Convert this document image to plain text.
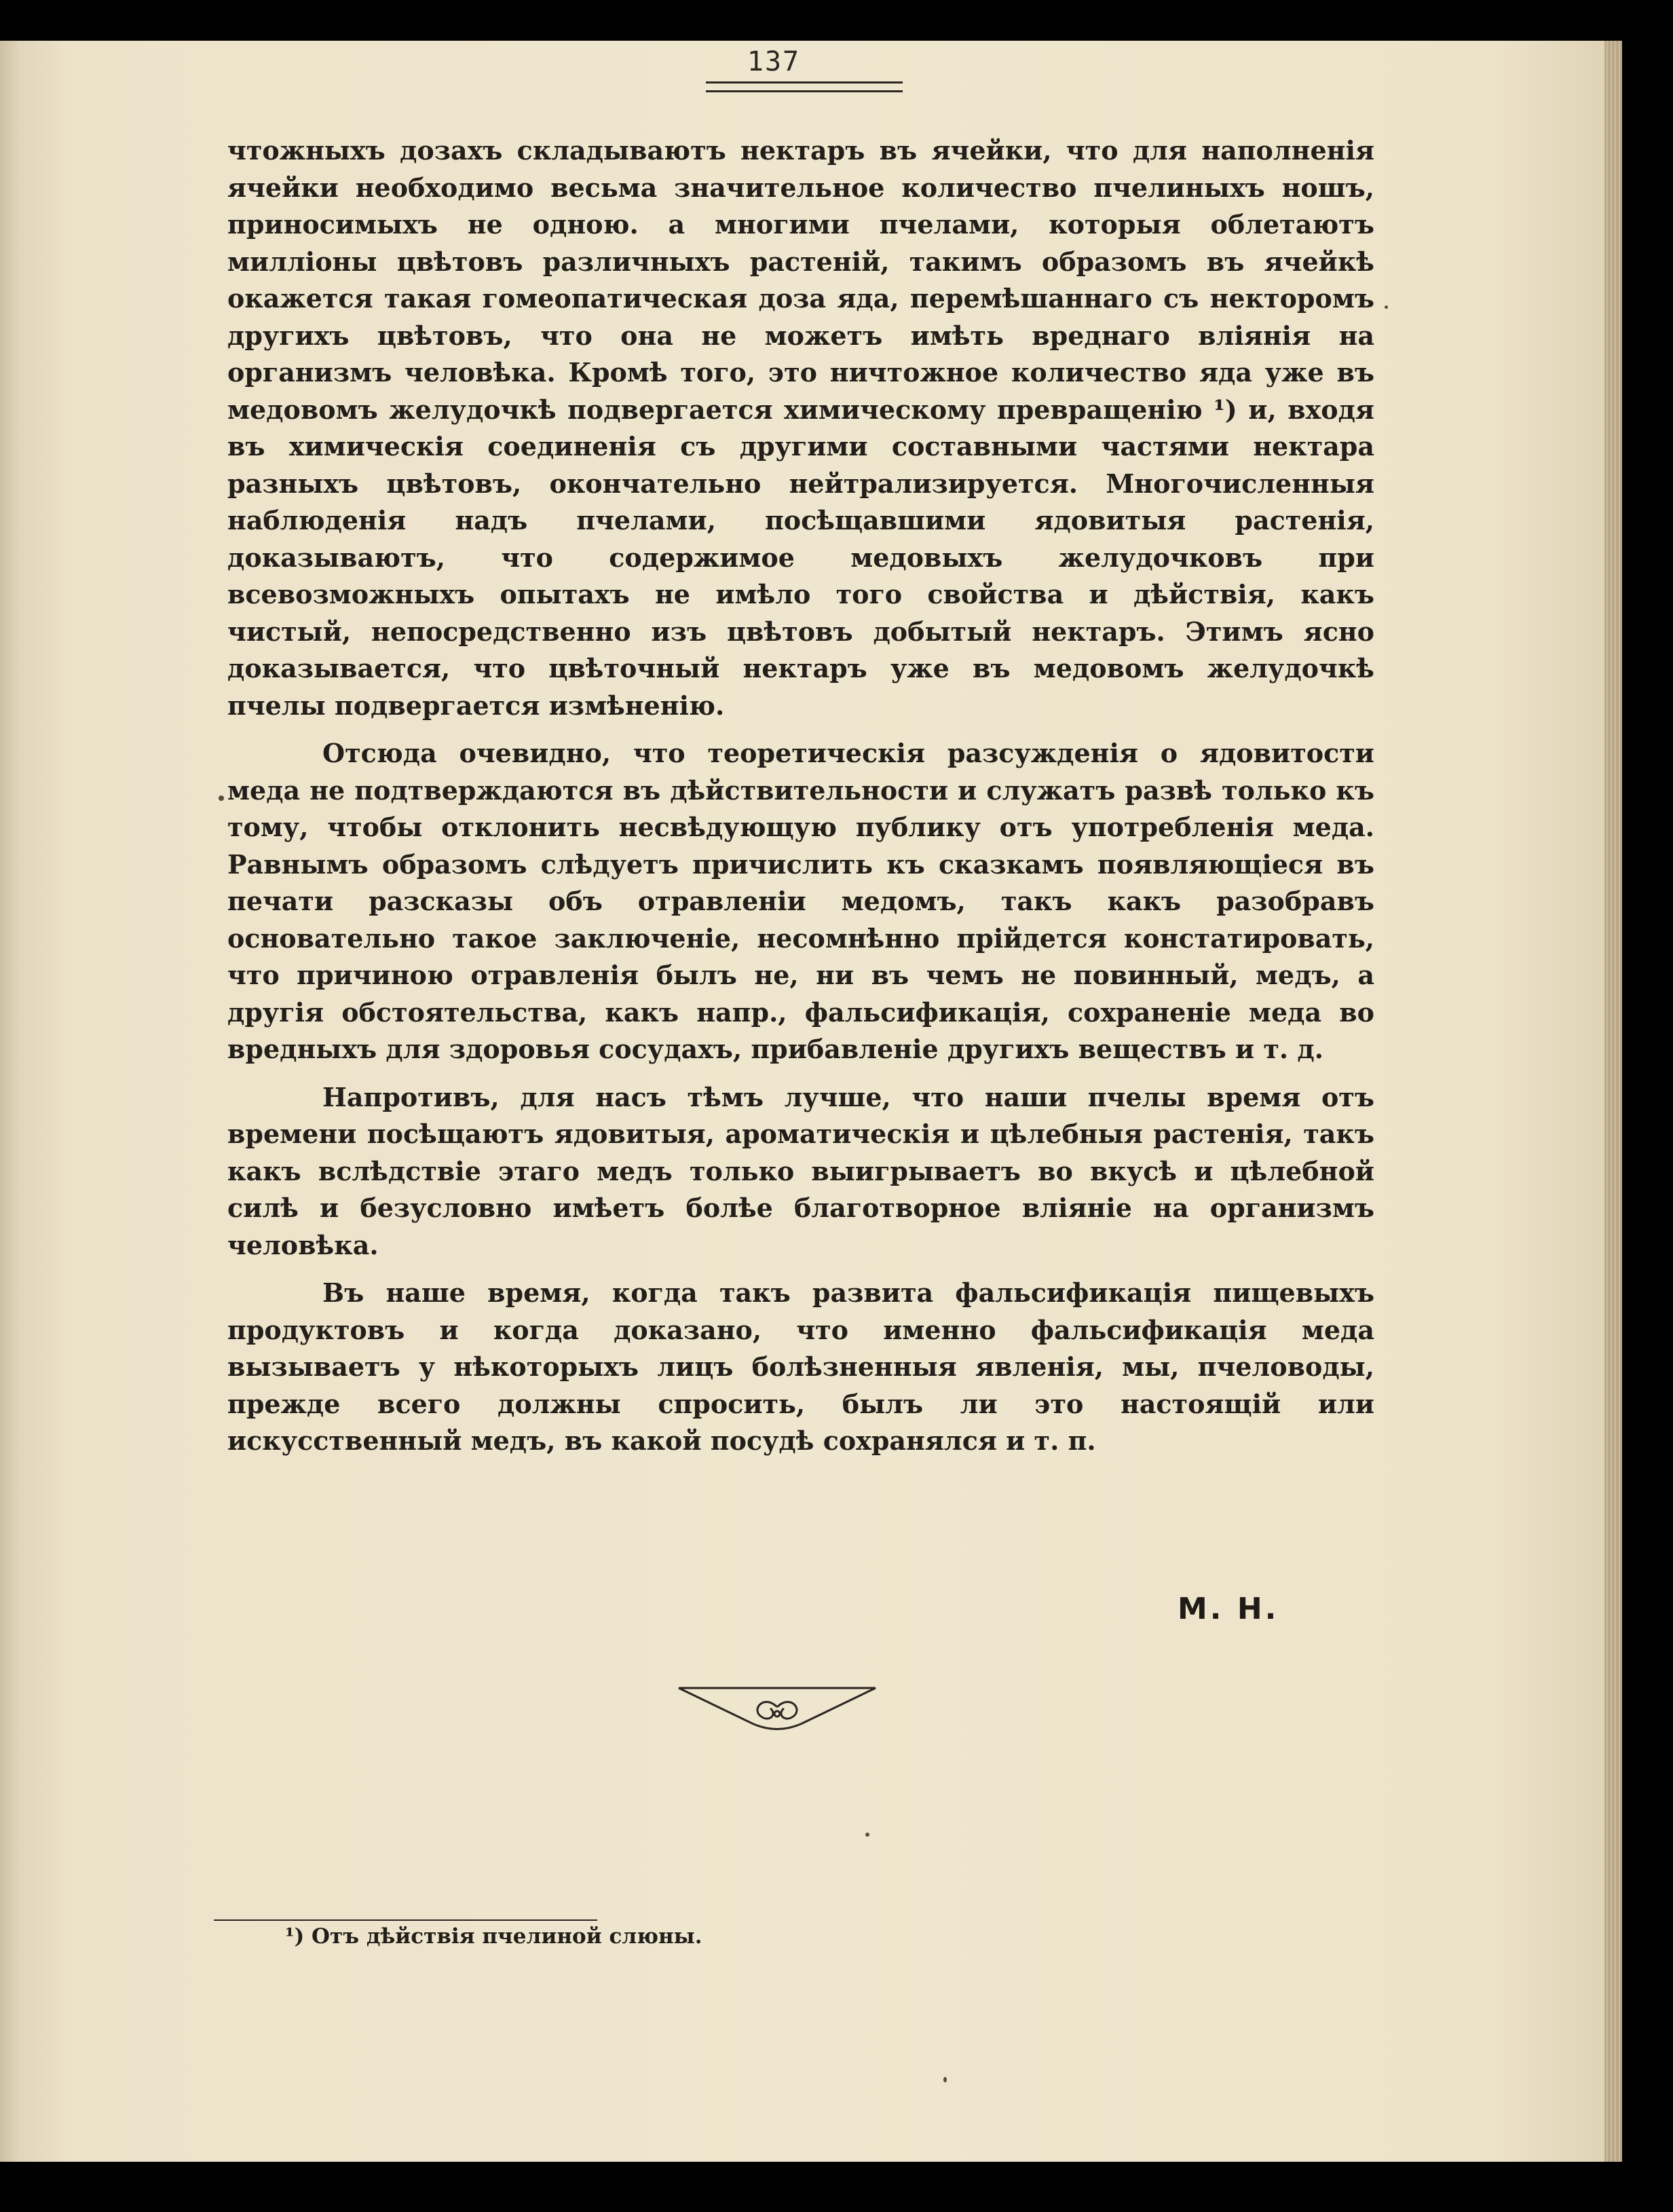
137

чтожныхъ дозахъ складываютъ нектаръ въ ячейки, что для наполненія ячейки необходимо весьма значительное количество пчелиныхъ ношъ, приносимыхъ не одною. а многими пчелами, которыя облетаютъ милліоны цвѣтовъ различныхъ растеній, такимъ образомъ въ ячейкѣ окажется такая гомеопатическая доза яда, перемѣшаннаго съ некторомъ другихъ цвѣтовъ, что она не можетъ имѣть вреднаго вліянія на организмъ человѣка. Кромѣ того, это ничтожное количество яда уже въ медовомъ желудочкѣ подвергается химическому превращенію ¹) и, входя въ химическія соединенія съ другими составными частями нектара разныхъ цвѣтовъ, окончательно нейтрализируется. Многочисленныя наблюденія надъ пчелами, посѣщавшими ядовитыя растенія, доказываютъ, что содержимое медовыхъ желудочковъ при всевозможныхъ опытахъ не имѣло того свойства и дѣйствія, какъ чистый, непосредственно изъ цвѣтовъ добытый нектаръ. Этимъ ясно доказывается, что цвѣточный нектаръ уже въ медовомъ желудочкѣ пчелы подвергается измѣненію.

Отсюда очевидно, что теоретическія разсужденія о ядовитости меда не подтверждаются въ дѣйствительности и служатъ развѣ только къ тому, чтобы отклонить несвѣдующую публику отъ употребленія меда. Равнымъ образомъ слѣдуетъ причислить къ сказкамъ появляющіеся въ печати разсказы объ отравленіи медомъ, такъ какъ разобравъ основательно такое заключеніе, несомнѣнно прійдется констатировать, что причиною отравленія былъ не, ни въ чемъ не повинный, медъ, а другія обстоятельства, какъ напр., фальсификація, сохраненіе меда во вредныхъ для здоровья сосудахъ, прибавленіе другихъ веществъ и т. д.

Напротивъ, для насъ тѣмъ лучше, что наши пчелы время отъ времени посѣщаютъ ядовитыя, ароматическія и цѣлебныя растенія, такъ какъ вслѣдствіе этаго медъ только выигрываетъ во вкусѣ и цѣлебной силѣ и безусловно имѣетъ болѣе благотворное вліяніе на организмъ человѣка.

Въ наше время, когда такъ развита фальсификація пищевыхъ продуктовъ и когда доказано, что именно фальсификація меда вызываетъ у нѣкоторыхъ лицъ болѣзненныя явленія, мы, пчеловоды, прежде всего должны спросить, былъ ли это настоящій или искусственный медъ, въ какой посудѣ сохранялся и т. п.

М. Н.
¹) Отъ дѣйствія пчелиной слюны.
